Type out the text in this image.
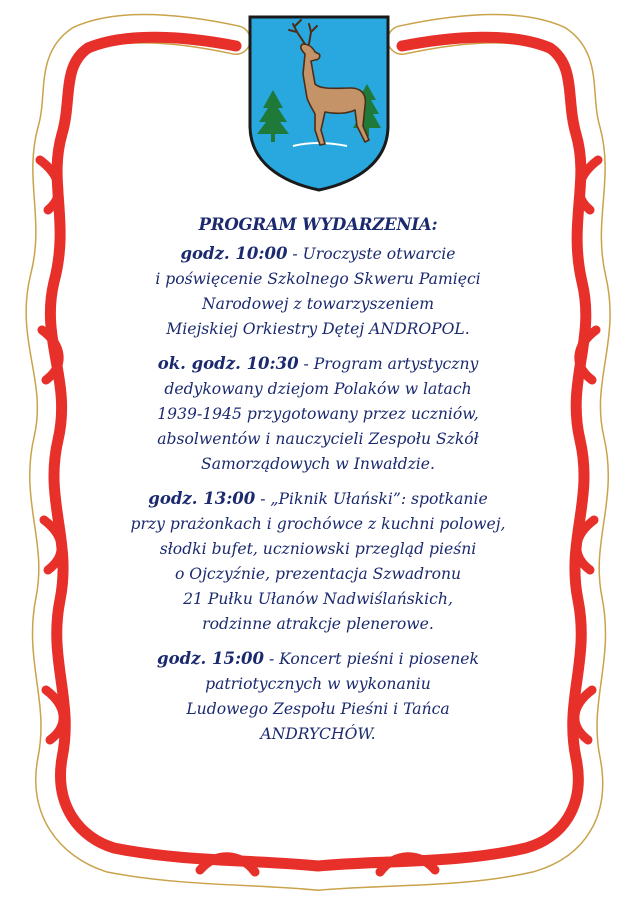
PROGRAM WYDARZENIA:
godz. 10:00 - Uroczyste otwarcie
i poświęcenie Szkolnego Skweru Pamięci
Narodowej z towarzyszeniem
Miejskiej Orkiestry Dętej ANDROPOL.
ok. godz. 10:30 - Program artystyczny
dedykowany dziejom Polaków w latach
1939-1945 przygotowany przez uczniów,
absolwentów i nauczycieli Zespołu Szkół
Samorządowych w Inwałdzie.
godz. 13:00 - „Piknik Ułański”: spotkanie
przy prażonkach i grochówce z kuchni polowej,
słodki bufet, uczniowski przegląd pieśni
o Ojczyźnie, prezentacja Szwadronu
21 Pułku Ułanów Nadwiślańskich,
rodzinne atrakcje plenerowe.
godz. 15:00 - Koncert pieśni i piosenek
patriotycznych w wykonaniu
Ludowego Zespołu Pieśni i Tańca
ANDRYCHÓW.
